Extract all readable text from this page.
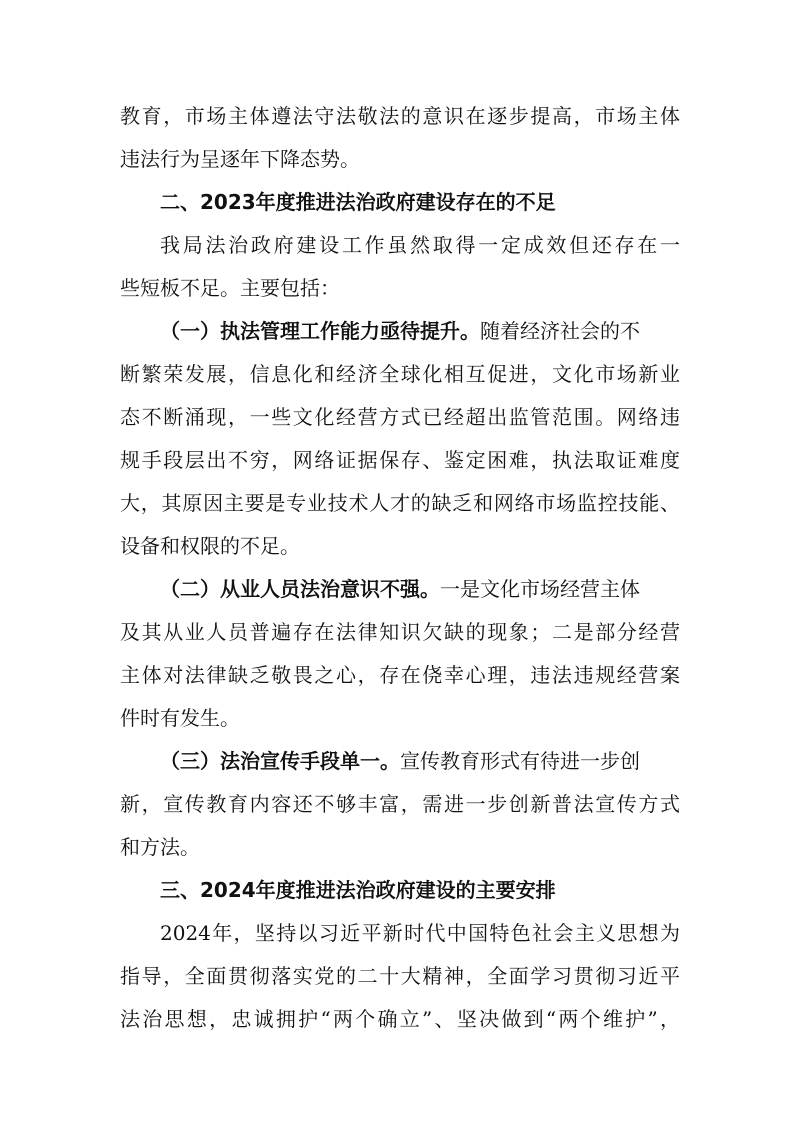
教育，市场主体遵法守法敬法的意识在逐步提高，市场主体
违法行为呈逐年下降态势。
二、2023年度推进法治政府建设存在的不足
我局法治政府建设工作虽然取得一定成效但还存在一
些短板不足。主要包括：
（一）执法管理工作能力亟待提升。随着经济社会的不
断繁荣发展，信息化和经济全球化相互促进，文化市场新业
态不断涌现，一些文化经营方式已经超出监管范围。网络违
规手段层出不穷，网络证据保存、鉴定困难，执法取证难度
大，其原因主要是专业技术人才的缺乏和网络市场监控技能、
设备和权限的不足。
（二）从业人员法治意识不强。一是文化市场经营主体
及其从业人员普遍存在法律知识欠缺的现象；二是部分经营
主体对法律缺乏敬畏之心，存在侥幸心理，违法违规经营案
件时有发生。
（三）法治宣传手段单一。宣传教育形式有待进一步创
新，宣传教育内容还不够丰富，需进一步创新普法宣传方式
和方法。
三、2024年度推进法治政府建设的主要安排
2024年，坚持以习近平新时代中国特色社会主义思想为
指导，全面贯彻落实党的二十大精神，全面学习贯彻习近平
法治思想，忠诚拥护“两个确立”、坚决做到“两个维护”，
